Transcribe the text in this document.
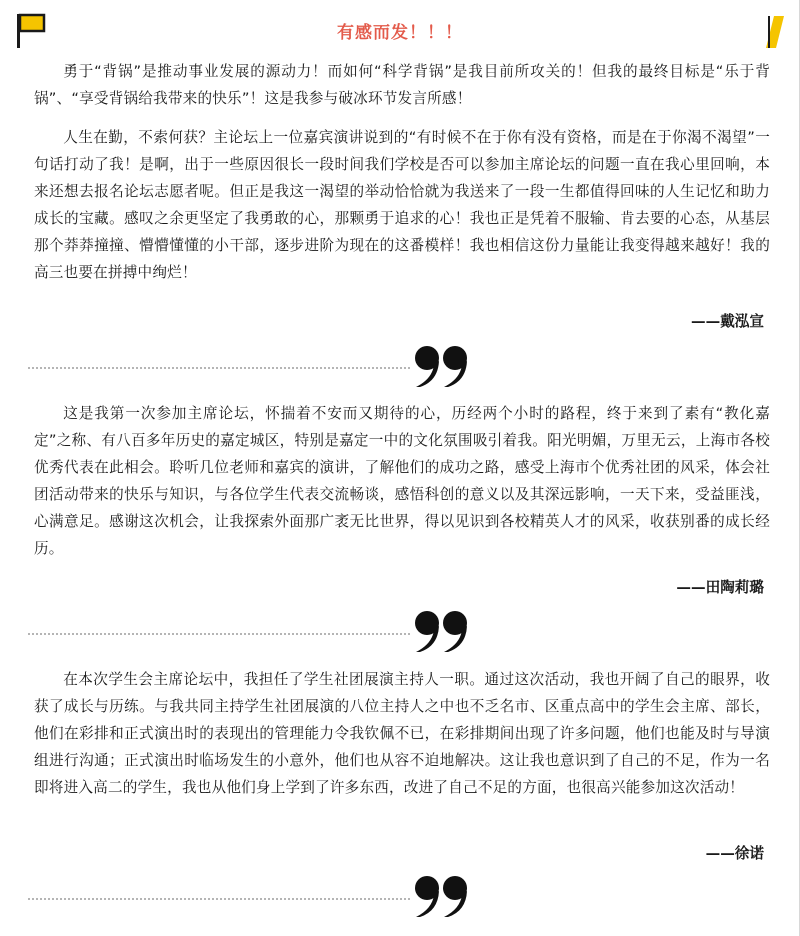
有感而发！！！
勇于“背锅”是推动事业发展的源动力！而如何“科学背锅”是我目前所攻关的！但我的最终目标是“乐于背锅”、“享受背锅给我带来的快乐”！这是我参与破冰环节发言所感！
人生在勤，不索何获？主论坛上一位嘉宾演讲说到的“有时候不在于你有没有资格，而是在于你渴不渴望”一句话打动了我！是啊，出于一些原因很长一段时间我们学校是否可以参加主席论坛的问题一直在我心里回响，本来还想去报名论坛志愿者呢。但正是我这一渴望的举动恰恰就为我送来了一段一生都值得回味的人生记忆和助力成长的宝藏。感叹之余更坚定了我勇敢的心，那颗勇于追求的心！我也正是凭着不服输、肯去要的心态，从基层那个莽莽撞撞、懵懵懂懂的小干部，逐步进阶为现在的这番模样！我也相信这份力量能让我变得越来越好！我的高三也要在拼搏中绚烂！
——戴泓宣
这是我第一次参加主席论坛，怀揣着不安而又期待的心，历经两个小时的路程，终于来到了素有“教化嘉定”之称、有八百多年历史的嘉定城区，特别是嘉定一中的文化氛围吸引着我。阳光明媚，万里无云，上海市各校优秀代表在此相会。聆听几位老师和嘉宾的演讲，了解他们的成功之路，感受上海市个优秀社团的风采，体会社团活动带来的快乐与知识，与各位学生代表交流畅谈，感悟科创的意义以及其深远影响，一天下来，受益匪浅，心满意足。感谢这次机会，让我探索外面那广袤无比世界，得以见识到各校精英人才的风采，收获别番的成长经历。
——田陶莉璐
在本次学生会主席论坛中，我担任了学生社团展演主持人一职。通过这次活动，我也开阔了自己的眼界，收获了成长与历练。与我共同主持学生社团展演的八位主持人之中也不乏名市、区重点高中的学生会主席、部长，他们在彩排和正式演出时的表现出的管理能力令我钦佩不已，在彩排期间出现了许多问题，他们也能及时与导演组进行沟通；正式演出时临场发生的小意外，他们也从容不迫地解决。这让我也意识到了自己的不足，作为一名即将进入高二的学生，我也从他们身上学到了许多东西，改进了自己不足的方面，也很高兴能参加这次活动！
——徐诺
